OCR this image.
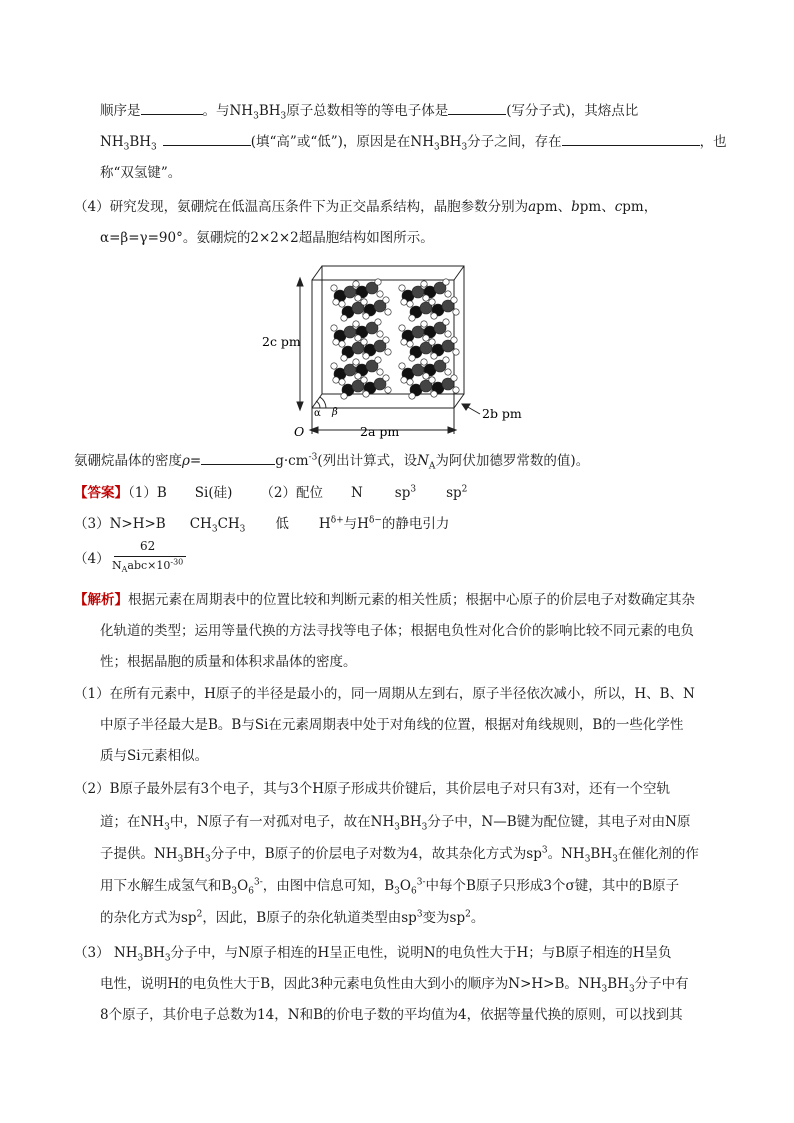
顺序是	。与$NH_3BH_3$原子总数相等的等电子体是	(写分子式)，其熔点比
$NH_3BH_3$	(填“高”或“低”)，原因是在$NH_3BH_3$分子之间，存在	，也
称“双氢键”。
（4）研究发现，氨硼烷在低温高压条件下为正交晶系结构，晶胞参数分别为apm、bpm、cpm，
α=β=γ=90°。氨硼烷的2×2×2超晶胞结构如图所示。
2c pm
2a pm
2b pm
O
α β
氨硼烷晶体的密度ρ=	$g\cdot cm^{-3}$(列出计算式，设$N_A$为阿伏加德罗常数的值)。
【答案】（1）B Si(硅) （2）配位 N $sp^3$ $sp^2$
（3）N>H>B $CH_3CH_3$ 低 $H^{\delta+}$与$H^{\delta-}$的静电引力
（4）
62
$N_Aabc\times 10^{-30}$
【解析】根据元素在周期表中的位置比较和判断元素的相关性质；根据中心原子的价层电子对数确定其杂
化轨道的类型；运用等量代换的方法寻找等电子体；根据电负性对化合价的影响比较不同元素的电负
性；根据晶胞的质量和体积求晶体的密度。
（1）在所有元素中，H原子的半径是最小的，同一周期从左到右，原子半径依次减小，所以，H、B、N
中原子半径最大是B。B与Si在元素周期表中处于对角线的位置，根据对角线规则，B的一些化学性
质与Si元素相似。
（2）B原子最外层有3个电子，其与3个H原子形成共价键后，其价层电子对只有3对，还有一个空轨
道；在$NH_3$中，N原子有一对孤对电子，故在$NH_3BH_3$分子中，N—B键为配位键，其电子对由N原
子提供。$NH_3BH_3$分子中，B原子的价层电子对数为4，故其杂化方式为$sp^3$。$NH_3BH_3$在催化剂的作
用下水解生成氢气和$B_3O_6^{3-}$，由图中信息可知，$B_3O_6^{3-}$中每个B原子只形成3个σ键，其中的B原子
的杂化方式为$sp^2$，因此，B原子的杂化轨道类型由$sp^3$变为$sp^2$。
（3） $NH_3BH_3$分子中，与N原子相连的H呈正电性，说明N的电负性大于H；与B原子相连的H呈负
电性，说明H的电负性大于B，因此3种元素电负性由大到小的顺序为N>H>B。$NH_3BH_3$分子中有
8个原子，其价电子总数为14，N和B的价电子数的平均值为4，依据等量代换的原则，可以找到其
